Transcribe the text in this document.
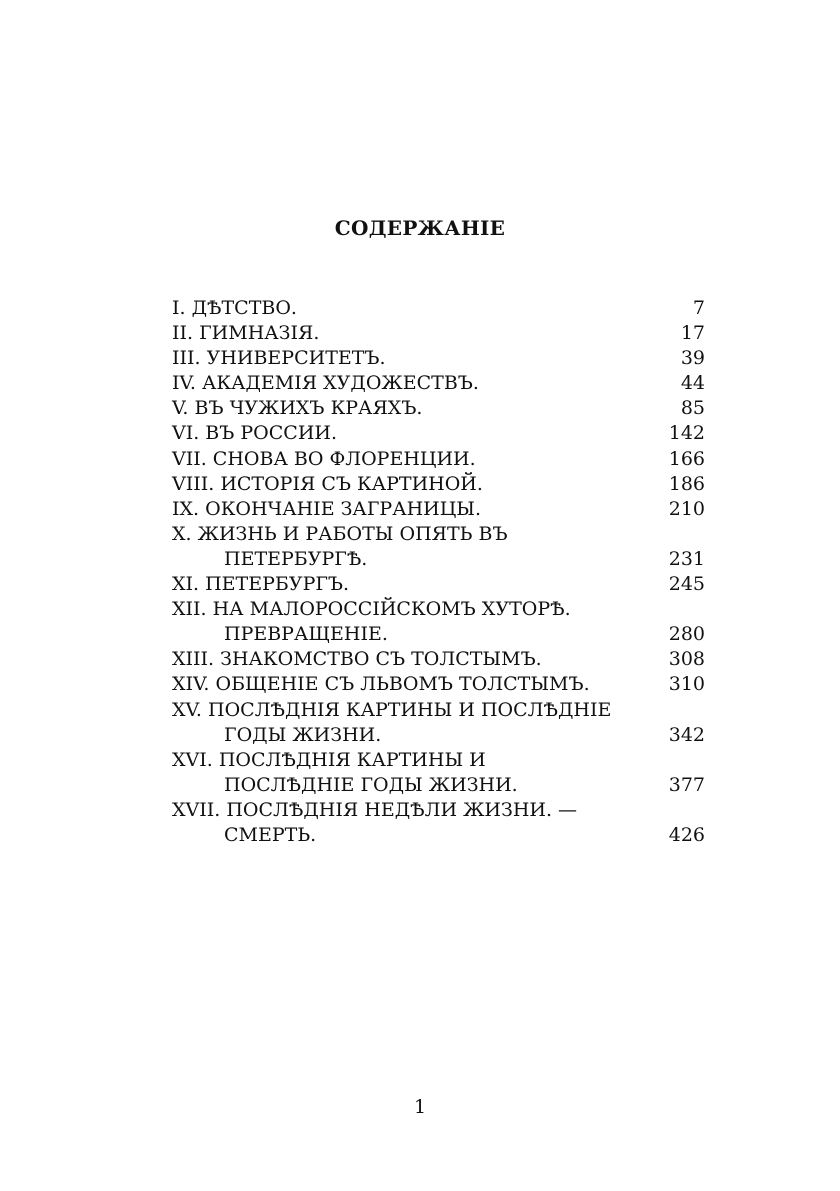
СОДЕРЖАНІЕ
I. ДѢТСТВО.	7
II. ГИМНАЗІЯ.	17
III. УНИВЕРСИТЕТЪ.	39
IV. АКАДЕМІЯ ХУДОЖЕСТВЪ.	44
V. ВЪ ЧУЖИХЪ КРАЯХЪ.	85
VI. ВЪ РОССИИ.	142
VII. СНОВА ВО ФЛОРЕНЦИИ.	166
VIII. ИСТОРІЯ СЪ КАРТИНОЙ.	186
IX. ОКОНЧАНІЕ ЗАГРАНИЦЫ.	210
X. ЖИЗНЬ И РАБОТЫ ОПЯТЬ ВЪ
ПЕТЕРБУРГѢ.	231
XI. ПЕТЕРБУРГЪ.	245
XII. НА МАЛОРОССІЙСКОМЪ ХУТОРѢ.
ПРЕВРАЩЕНІЕ.	280
XIII. ЗНАКОМСТВО СЪ ТОЛСТЫМЪ.	308
XIV. ОБЩЕНІЕ СЪ ЛЬВОМЪ ТОЛСТЫМЪ.	310
XV. ПОСЛѢДНІЯ КАРТИНЫ И ПОСЛѢДНІЕ
ГОДЫ ЖИЗНИ.	342
XVI. ПОСЛѢДНІЯ КАРТИНЫ И
ПОСЛѢДНІЕ ГОДЫ ЖИЗНИ.	377
XVII. ПОСЛѢДНІЯ НЕДѢЛИ ЖИЗНИ. —
СМЕРТЬ.	426
1
